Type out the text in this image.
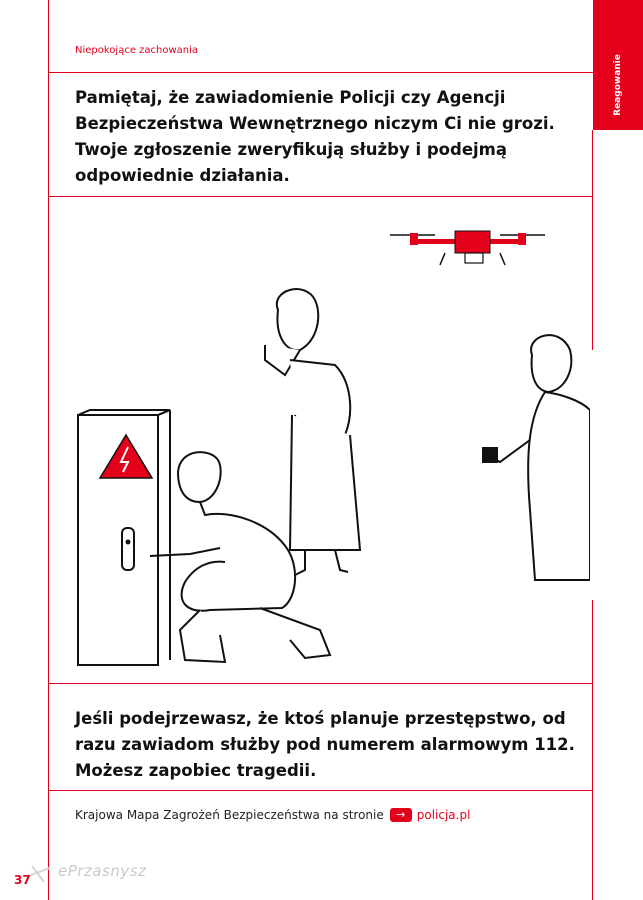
Niepokojące zachowania
Reagowanie

Pamiętaj, że zawiadomienie Policji czy Agencji Bezpieczeństwa Wewnętrznego niczym Ci nie grozi. Twoje zgłoszenie zweryfikują służby i podejmą odpowiednie działania.

Jeśli podejrzewasz, że ktoś planuje przestępstwo, od razu zawiadom służby pod numerem alarmowym 112. Możesz zapobiec tragedii.

Krajowa Mapa Zagrożeń Bezpieczeństwa na stronie	→ policja.pl
ePrzasnysz
37
